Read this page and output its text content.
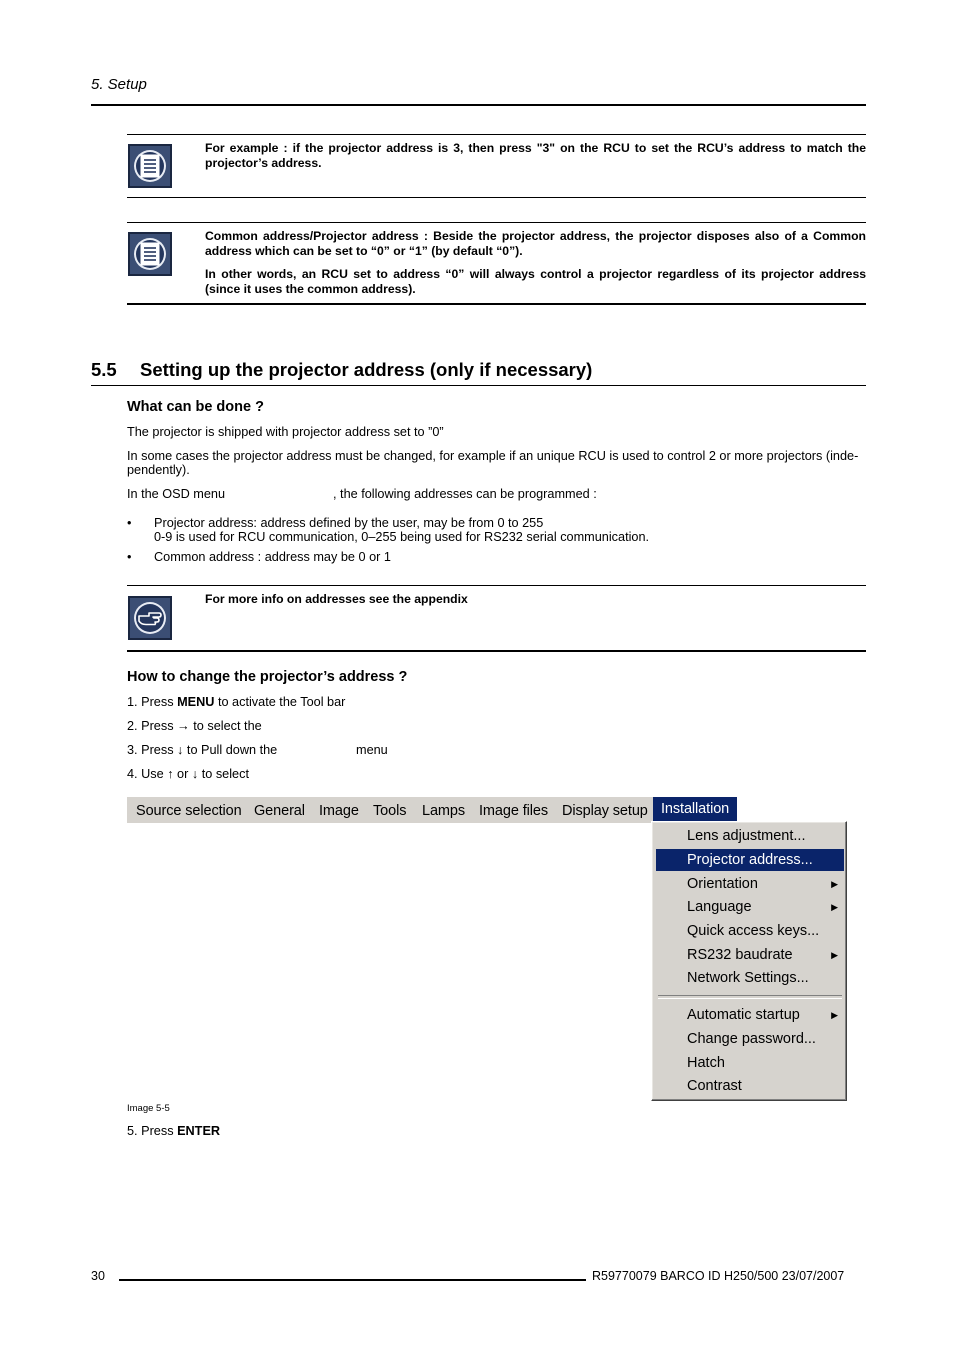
5. Setup
For example : if the projector address is 3, then press "3" on the RCU to set the RCU’s address to match the projector’s address.
Common address/Projector address : Beside the projector address, the projector disposes also of a Common address which can be set to “0” or “1” (by default “0”).
In other words, an RCU set to address “0” will always control a projector regardless of its projector address (since it uses the common address).
5.5 Setting up the projector address (only if necessary)
What can be done ?
The projector is shipped with projector address set to ”0”
In some cases the projector address must be changed, for example if an unique RCU is used to control 2 or more projectors (inde-
pendently).
In the OSD menu	, the following addresses can be programmed :
• Projector address: address defined by the user, may be from 0 to 255
0-9 is used for RCU communication, 0–255 being used for RS232 serial communication.
• Common address : address may be 0 or 1
For more info on addresses see the appendix
How to change the projector’s address ?
1. Press MENU to activate the Tool bar
2. Press → to select the
3. Press ↓ to Pull down the	menu
4. Use ↑ or ↓ to select
Source selection General Image Tools Lamps Image files Display setup Installation
Lens adjustment...
Projector address...
Orientation	▶
Language	▶
Quick access keys...
RS232 baudrate	▶
Network Settings...
Automatic startup	▶
Change password...
Hatch
Contrast
Image 5-5
5. Press ENTER
30	R59770079 BARCO ID H250/500 23/07/2007
